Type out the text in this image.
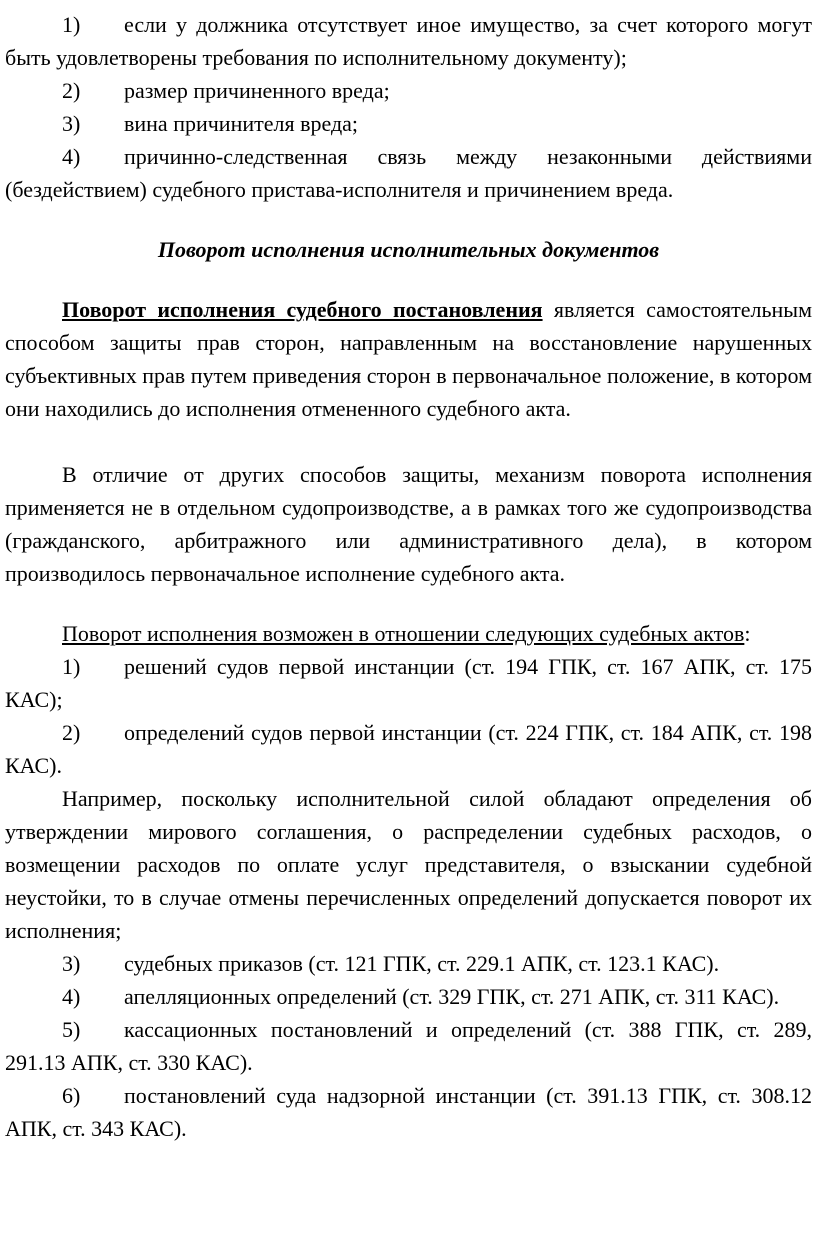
1) если у должника отсутствует иное имущество, за счет которого могут быть удовлетворены требования по исполнительному документу);

2) размер причиненного вреда;

3) вина причинителя вреда;

4) причинно-следственная связь между незаконными действиями (бездействием) судебного пристава-исполнителя и причинением вреда.

Поворот исполнения исполнительных документов

Поворот исполнения судебного постановления является самостоятельным способом защиты прав сторон, направленным на восстановление нарушенных субъективных прав путем приведения сторон в первоначальное положение, в котором они находились до исполнения отмененного судебного акта.

В отличие от других способов защиты, механизм поворота исполнения применяется не в отдельном судопроизводстве, а в рамках того же судопроизводства (гражданского, арбитражного или административного дела), в котором производилось первоначальное исполнение судебного акта.

Поворот исполнения возможен в отношении следующих судебных актов:

1) решений судов первой инстанции (ст. 194 ГПК, ст. 167 АПК, ст. 175 КАС);

2) определений судов первой инстанции (ст. 224 ГПК, ст. 184 АПК, ст. 198 КАС).

Например, поскольку исполнительной силой обладают определения об утверждении мирового соглашения, о распределении судебных расходов, о возмещении расходов по оплате услуг представителя, о взыскании судебной неустойки, то в случае отмены перечисленных определений допускается поворот их исполнения;

3) судебных приказов (ст. 121 ГПК, ст. 229.1 АПК, ст. 123.1 КАС).

4) апелляционных определений (ст. 329 ГПК, ст. 271 АПК, ст. 311 КАС).

5) кассационных постановлений и определений (ст. 388 ГПК, ст. 289, 291.13 АПК, ст. 330 КАС).

6) постановлений суда надзорной инстанции (ст. 391.13 ГПК, ст. 308.12 АПК, ст. 343 КАС).
